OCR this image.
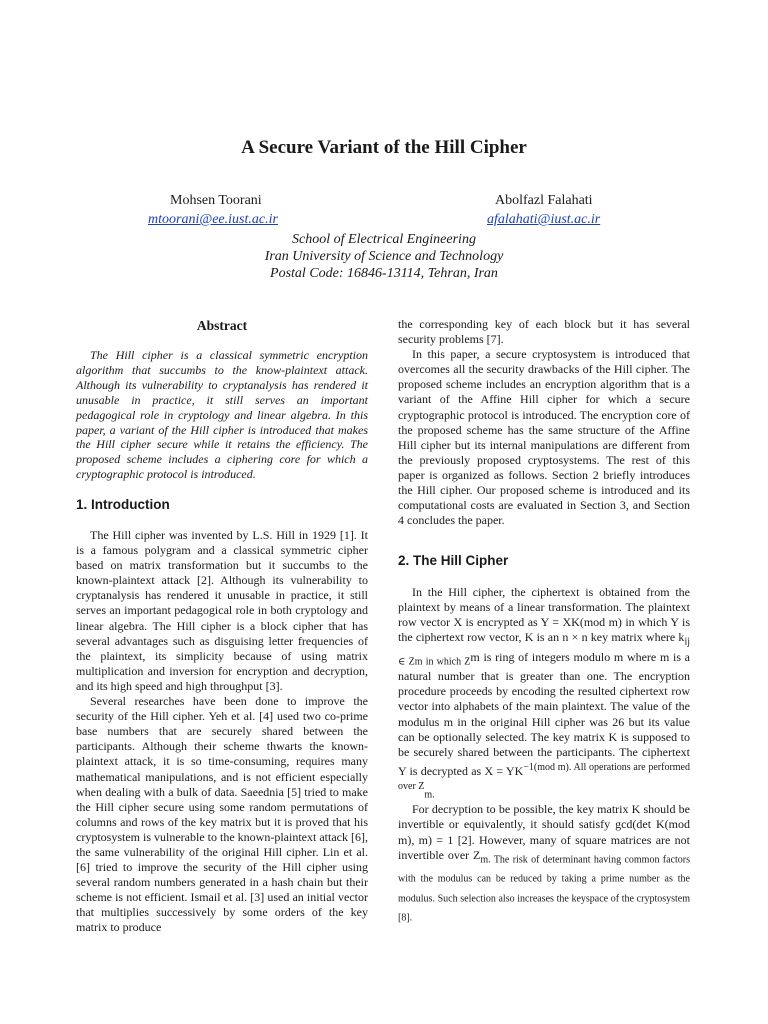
A Secure Variant of the Hill Cipher
Mohsen Toorani	Abolfazl Falahati
mtoorani@ee.iust.ac.ir	afalahati@iust.ac.ir
School of Electrical Engineering
Iran University of Science and Technology
Postal Code: 16846-13114, Tehran, Iran
Abstract

The Hill cipher is a classical symmetric encryption algorithm that succumbs to the know-plaintext attack. Although its vulnerability to cryptanalysis has rendered it unusable in practice, it still serves an important pedagogical role in cryptology and linear algebra. In this paper, a variant of the Hill cipher is introduced that makes the Hill cipher secure while it retains the efficiency. The proposed scheme includes a ciphering core for which a cryptographic protocol is introduced.

1. Introduction

The Hill cipher was invented by L.S. Hill in 1929 [1]. It is a famous polygram and a classical symmetric cipher based on matrix transformation but it succumbs to the known-plaintext attack [2]. Although its vulnerability to cryptanalysis has rendered it unusable in practice, it still serves an important pedagogical role in both cryptology and linear algebra. The Hill cipher is a block cipher that has several advantages such as disguising letter frequencies of the plaintext, its simplicity because of using matrix multiplication and inversion for encryption and decryption, and its high speed and high throughput [3].

Several researches have been done to improve the security of the Hill cipher. Yeh et al. [4] used two co-prime base numbers that are securely shared between the participants. Although their scheme thwarts the known-plaintext attack, it is so time-consuming, requires many mathematical manipulations, and is not efficient especially when dealing with a bulk of data. Saeednia [5] tried to make the Hill cipher secure using some random permutations of columns and rows of the key matrix but it is proved that his cryptosystem is vulnerable to the known-plaintext attack [6], the same vulnerability of the original Hill cipher. Lin et al. [6] tried to improve the security of the Hill cipher using several random numbers generated in a hash chain but their scheme is not efficient. Ismail et al. [3] used an initial vector that multiplies successively by some orders of the key matrix to produce

the corresponding key of each block but it has several security problems [7].

In this paper, a secure cryptosystem is introduced that overcomes all the security drawbacks of the Hill cipher. The proposed scheme includes an encryption algorithm that is a variant of the Affine Hill cipher for which a secure cryptographic protocol is introduced. The encryption core of the proposed scheme has the same structure of the Affine Hill cipher but its internal manipulations are different from the previously proposed cryptosystems. The rest of this paper is organized as follows. Section 2 briefly introduces the Hill cipher. Our proposed scheme is introduced and its computational costs are evaluated in Section 3, and Section 4 concludes the paper.

2. The Hill Cipher

In the Hill cipher, the ciphertext is obtained from the plaintext by means of a linear transformation. The plaintext row vector X is encrypted as Y = XK(mod m) in which Y is the ciphertext row vector, K is an n × n key matrix where $k_{ij \in Zm in which Z}m$ is ring of integers modulo m where m is a natural number that is greater than one. The encryption procedure proceeds by encoding the resulted ciphertext row vector into alphabets of the main plaintext. The value of the modulus m in the original Hill cipher was 26 but its value can be optionally selected. The key matrix K is supposed to be securely shared between the participants. The ciphertext Y is decrypted as $X = YK^{-1(mod m). All operations are performed over Z}_{m.}$

For decryption to be possible, the key matrix K should be invertible or equivalently, it should satisfy gcd(det K(mod m), m) = 1 [2]. However, many of square matrices are not invertible over $Z_{m. The risk of determinant having common factors with the modulus can be reduced by taking a prime number as the modulus. Such selection also increases the keyspace of the cryptosystem [8].}$
